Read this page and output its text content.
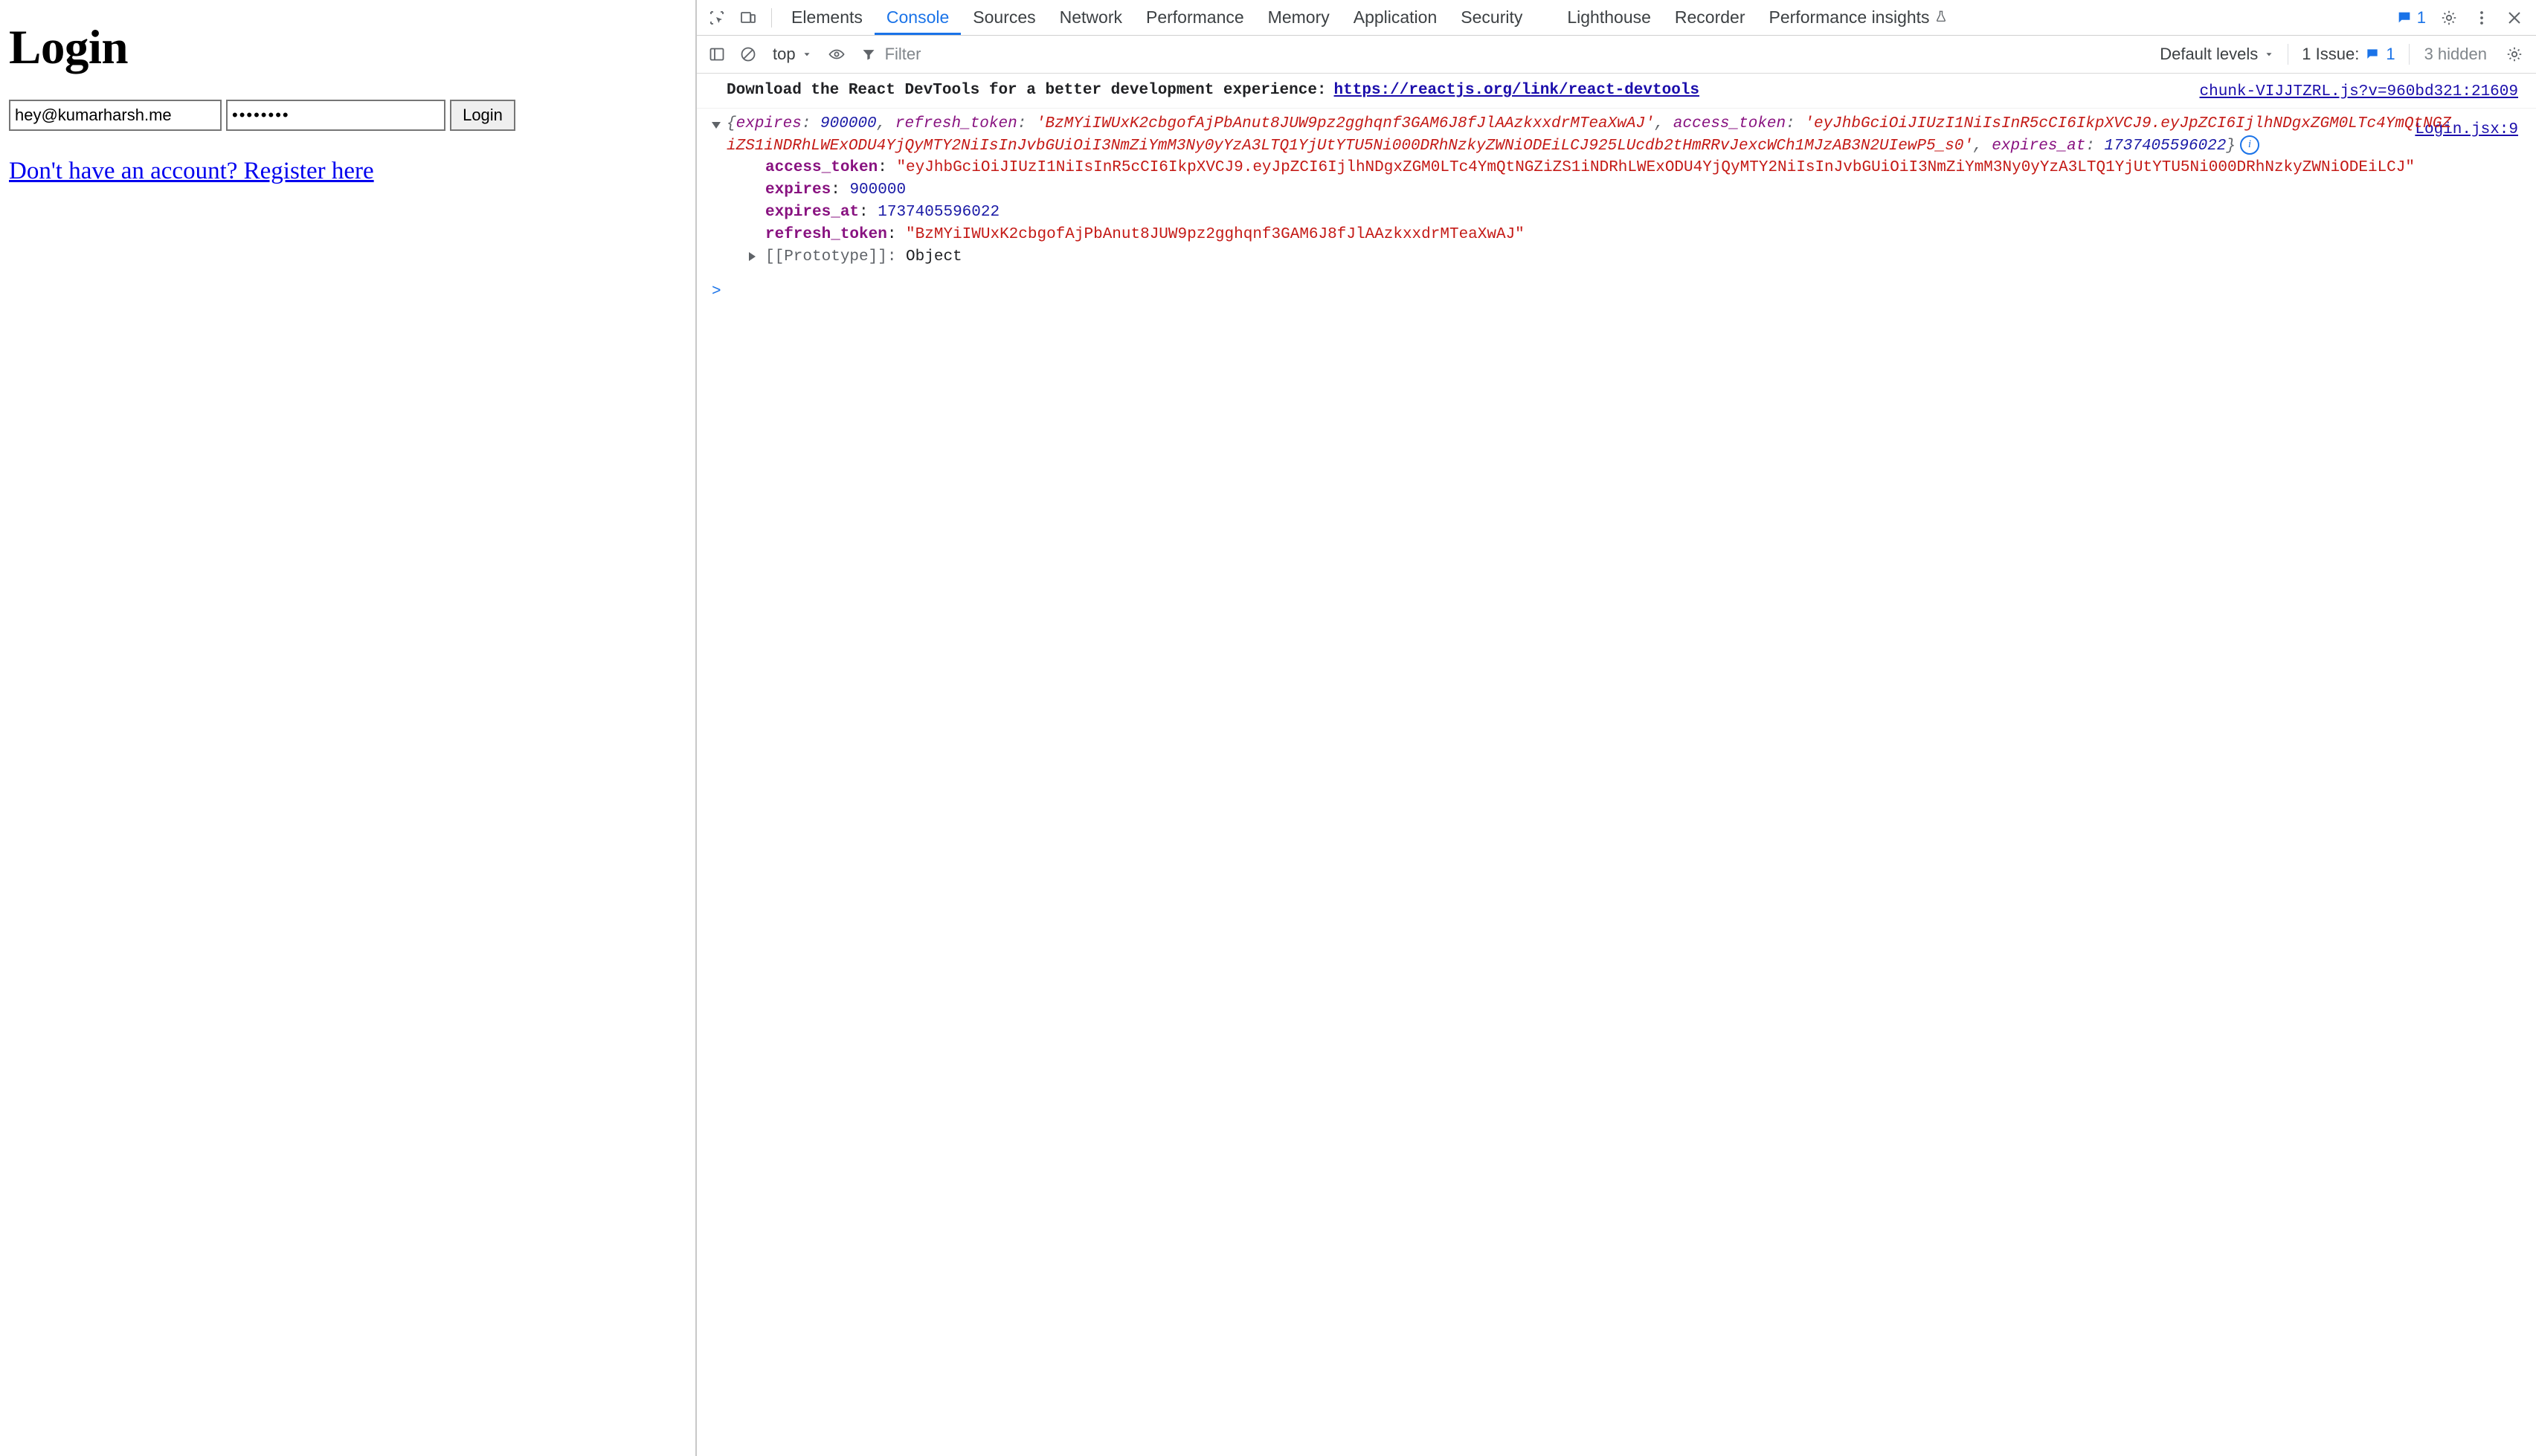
Login
hey@kumarharsh.me
••••••••
Login
Don't have an account? Register here
Elements	Console	Sources	Network	Performance	Memory	Application	Security	Lighthouse	Recorder	Performance insights	1
top
Filter	Default levels	1 Issue: 1	3 hidden
Download the React DevTools for a better development experience: https://reactjs.org/link/react-devtools	chunk-VIJJTZRL.js?v=960bd321:21609
Login.jsx:9
{expires: 900000, refresh_token: 'BzMYiIWUxK2cbgofAjPbAnut8JUW9pz2gghqnf3GAM6J8fJlAAzkxxdrMTeaXwAJ', access_token: 'eyJhbGciOiJIUzI1NiIsInR5cCI6IkpXVCJ9.eyJpZCI6IjlhNDgxZGM0LTc4YmQtNGZiZS1iNDRhLWExODU4YjQyMTY2NiIsInJvbGUiOiI3NmZiYmM3Ny0yYzA3LTQ1YjUtYTU5Ni000DRhNzkyZWNiODEiLCJ925LUcdb2tHmRRvJexcWCh1MJzAB3N2UIewP5_s0', expires_at: 1737405596022} i
access_token: "eyJhbGciOiJIUzI1NiIsInR5cCI6IkpXVCJ9.eyJpZCI6IjlhNDgxZGM0LTc4YmQtNGZiZS1iNDRhLWExODU4YjQyMTY2NiIsInJvbGUiOiI3NmZiYmM3Ny0yYzA3LTQ1YjUtYTU5Ni000DRhNzkyZWNiODEiLCJ"
expires: 900000
expires_at: 1737405596022
refresh_token: "BzMYiIWUxK2cbgofAjPbAnut8JUW9pz2gghqnf3GAM6J8fJlAAzkxxdrMTeaXwAJ"
[[Prototype]]: Object
>
